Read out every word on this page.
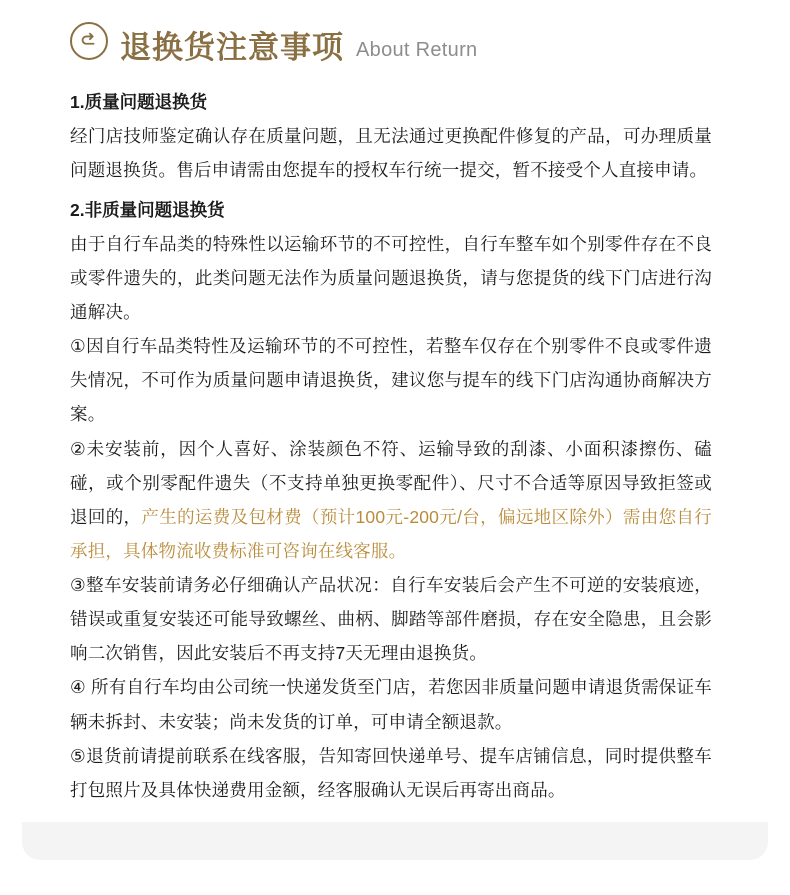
退换货注意事项 About Return
1.质量问题退换货

经门店技师鉴定确认存在质量问题，且无法通过更换配件修复的产品，可办理质量问题退换货。售后申请需由您提车的授权车行统一提交，暂不接受个人直接申请。

2.非质量问题退换货

由于自行车品类的特殊性以运输环节的不可控性，自行车整车如个别零件存在不良或零件遗失的，此类问题无法作为质量问题退换货，请与您提货的线下门店进行沟通解决。

①因自行车品类特性及运输环节的不可控性，若整车仅存在个别零件不良或零件遗失情况，不可作为质量问题申请退换货，建议您与提车的线下门店沟通协商解决方案。

②未安装前，因个人喜好、涂装颜色不符、运输导致的刮漆、小面积漆擦伤、磕碰，或个别零配件遗失（不支持单独更换零配件）、尺寸不合适等原因导致拒签或退回的，产生的运费及包材费（预计100元-200元/台，偏远地区除外）需由您自行承担，具体物流收费标准可咨询在线客服。

③整车安装前请务必仔细确认产品状况：自行车安装后会产生不可逆的安装痕迹，错误或重复安装还可能导致螺丝、曲柄、脚踏等部件磨损，存在安全隐患，且会影响二次销售，因此安装后不再支持7天无理由退换货。

④ 所有自行车均由公司统一快递发货至门店，若您因非质量问题申请退货需保证车辆未拆封、未安装；尚未发货的订单，可申请全额退款。

⑤退货前请提前联系在线客服，告知寄回快递单号、提车店铺信息，同时提供整车打包照片及具体快递费用金额，经客服确认无误后再寄出商品。
